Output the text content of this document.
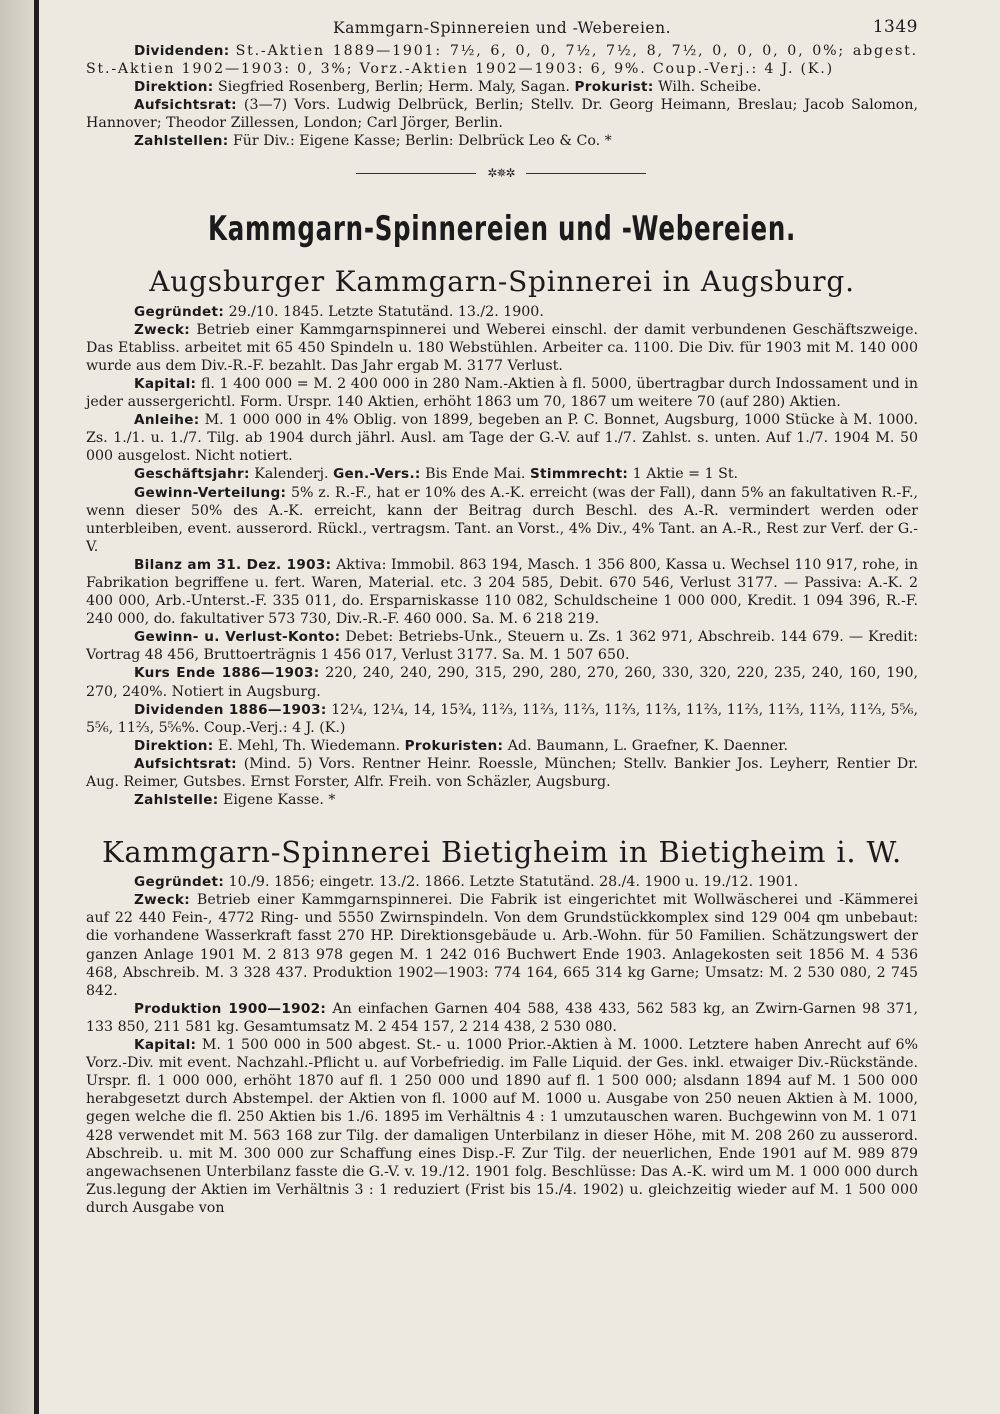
Kammgarn-Spinnereien und -Webereien.	1349

Dividenden: St.-Aktien 1889—1901: 7½, 6, 0, 0, 7½, 7½, 8, 7½, 0, 0, 0, 0, 0%; abgest. St.-Aktien 1902—1903: 0, 3%; Vorz.-Aktien 1902—1903: 6, 9%. Coup.-Verj.: 4 J. (K.)

Direktion: Siegfried Rosenberg, Berlin; Herm. Maly, Sagan. Prokurist: Wilh. Scheibe.

Aufsichtsrat: (3—7) Vors. Ludwig Delbrück, Berlin; Stellv. Dr. Georg Heimann, Breslau; Jacob Salomon, Hannover; Theodor Zillessen, London; Carl Jörger, Berlin.

Zahlstellen: Für Div.: Eigene Kasse; Berlin: Delbrück Leo & Co. *

✲✵✲
Kammgarn-Spinnereien und -Webereien.
Augsburger Kammgarn-Spinnerei in Augsburg.

Gegründet: 29./10. 1845. Letzte Statutänd. 13./2. 1900.

Zweck: Betrieb einer Kammgarnspinnerei und Weberei einschl. der damit verbundenen Geschäftszweige. Das Etabliss. arbeitet mit 65 450 Spindeln u. 180 Webstühlen. Arbeiter ca. 1100. Die Div. für 1903 mit M. 140 000 wurde aus dem Div.-R.-F. bezahlt. Das Jahr ergab M. 3177 Verlust.

Kapital: fl. 1 400 000 = M. 2 400 000 in 280 Nam.-Aktien à fl. 5000, übertragbar durch Indossament und in jeder aussergerichtl. Form. Urspr. 140 Aktien, erhöht 1863 um 70, 1867 um weitere 70 (auf 280) Aktien.

Anleihe: M. 1 000 000 in 4% Oblig. von 1899, begeben an P. C. Bonnet, Augsburg, 1000 Stücke à M. 1000. Zs. 1./1. u. 1./7. Tilg. ab 1904 durch jährl. Ausl. am Tage der G.-V. auf 1./7. Zahlst. s. unten. Auf 1./7. 1904 M. 50 000 ausgelost. Nicht notiert.

Geschäftsjahr: Kalenderj. Gen.-Vers.: Bis Ende Mai. Stimmrecht: 1 Aktie = 1 St.

Gewinn-Verteilung: 5% z. R.-F., hat er 10% des A.-K. erreicht (was der Fall), dann 5% an fakultativen R.-F., wenn dieser 50% des A.-K. erreicht, kann der Beitrag durch Beschl. des A.-R. vermindert werden oder unterbleiben, event. ausserord. Rückl., vertragsm. Tant. an Vorst., 4% Div., 4% Tant. an A.-R., Rest zur Verf. der G.-V.

Bilanz am 31. Dez. 1903: Aktiva: Immobil. 863 194, Masch. 1 356 800, Kassa u. Wechsel 110 917, rohe, in Fabrikation begriffene u. fert. Waren, Material. etc. 3 204 585, Debit. 670 546, Verlust 3177. — Passiva: A.-K. 2 400 000, Arb.-Unterst.-F. 335 011, do. Ersparniskasse 110 082, Schuldscheine 1 000 000, Kredit. 1 094 396, R.-F. 240 000, do. fakultativer 573 730, Div.-R.-F. 460 000. Sa. M. 6 218 219.

Gewinn- u. Verlust-Konto: Debet: Betriebs-Unk., Steuern u. Zs. 1 362 971, Abschreib. 144 679. — Kredit: Vortrag 48 456, Bruttoerträgnis 1 456 017, Verlust 3177. Sa. M. 1 507 650.

Kurs Ende 1886—1903: 220, 240, 240, 290, 315, 290, 280, 270, 260, 330, 320, 220, 235, 240, 160, 190, 270, 240%. Notiert in Augsburg.

Dividenden 1886—1903: 12¼, 12¼, 14, 15¾, 11⅔, 11⅔, 11⅔, 11⅔, 11⅔, 11⅔, 11⅔, 11⅔, 11⅔, 11⅔, 5⅚, 5⅚, 11⅔, 5⅚%. Coup.-Verj.: 4 J. (K.)

Direktion: E. Mehl, Th. Wiedemann. Prokuristen: Ad. Baumann, L. Graefner, K. Daenner.

Aufsichtsrat: (Mind. 5) Vors. Rentner Heinr. Roessle, München; Stellv. Bankier Jos. Leyherr, Rentier Dr. Aug. Reimer, Gutsbes. Ernst Forster, Alfr. Freih. von Schäzler, Augsburg.

Zahlstelle: Eigene Kasse. *

Kammgarn-Spinnerei Bietigheim in Bietigheim i. W.

Gegründet: 10./9. 1856; eingetr. 13./2. 1866. Letzte Statutänd. 28./4. 1900 u. 19./12. 1901.

Zweck: Betrieb einer Kammgarnspinnerei. Die Fabrik ist eingerichtet mit Wollwäscherei und -Kämmerei auf 22 440 Fein-, 4772 Ring- und 5550 Zwirnspindeln. Von dem Grundstückkomplex sind 129 004 qm unbebaut: die vorhandene Wasserkraft fasst 270 HP. Direktionsgebäude u. Arb.-Wohn. für 50 Familien. Schätzungswert der ganzen Anlage 1901 M. 2 813 978 gegen M. 1 242 016 Buchwert Ende 1903. Anlagekosten seit 1856 M. 4 536 468, Abschreib. M. 3 328 437. Produktion 1902—1903: 774 164, 665 314 kg Garne; Umsatz: M. 2 530 080, 2 745 842.

Produktion 1900—1902: An einfachen Garnen 404 588, 438 433, 562 583 kg, an Zwirn-Garnen 98 371, 133 850, 211 581 kg. Gesamtumsatz M. 2 454 157, 2 214 438, 2 530 080.

Kapital: M. 1 500 000 in 500 abgest. St.- u. 1000 Prior.-Aktien à M. 1000. Letztere haben Anrecht auf 6% Vorz.-Div. mit event. Nachzahl.-Pflicht u. auf Vorbefriedig. im Falle Liquid. der Ges. inkl. etwaiger Div.-Rückstände. Urspr. fl. 1 000 000, erhöht 1870 auf fl. 1 250 000 und 1890 auf fl. 1 500 000; alsdann 1894 auf M. 1 500 000 herabgesetzt durch Abstempel. der Aktien von fl. 1000 auf M. 1000 u. Ausgabe von 250 neuen Aktien à M. 1000, gegen welche die fl. 250 Aktien bis 1./6. 1895 im Verhältnis 4 : 1 umzutauschen waren. Buchgewinn von M. 1 071 428 verwendet mit M. 563 168 zur Tilg. der damaligen Unterbilanz in dieser Höhe, mit M. 208 260 zu ausserord. Abschreib. u. mit M. 300 000 zur Schaffung eines Disp.-F. Zur Tilg. der neuerlichen, Ende 1901 auf M. 989 879 angewachsenen Unterbilanz fasste die G.-V. v. 19./12. 1901 folg. Beschlüsse: Das A.-K. wird um M. 1 000 000 durch Zus.legung der Aktien im Verhältnis 3 : 1 reduziert (Frist bis 15./4. 1902) u. gleichzeitig wieder auf M. 1 500 000 durch Ausgabe von
